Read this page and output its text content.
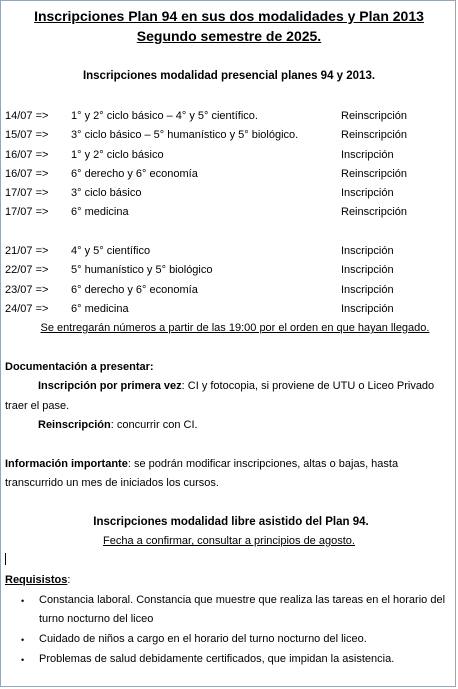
Inscripciones Plan 94 en sus dos modalidades y Plan 2013
Segundo semestre de 2025.
Inscripciones modalidad presencial planes 94 y 2013.
14/07 => 1° y 2° ciclo básico – 4° y 5° científico.	Reinscripción
15/07 => 3° ciclo básico – 5° humanístico y 5° biológico.	Reinscripción
16/07 => 1° y 2° ciclo básico	Inscripción
16/07 => 6° derecho y 6° economía	Reinscripción
17/07 => 3° ciclo básico	Inscripción
17/07 => 6° medicina	Reinscripción
21/07 => 4° y 5° científico	Inscripción
22/07 => 5° humanístico y 5° biológico	Inscripción
23/07 => 6° derecho y 6° economía	Inscripción
24/07 => 6° medicina	Inscripción
Se entregarán números a partir de las 19:00 por el orden en que hayan llegado.
Documentación a presentar:
Inscripción por primera vez: CI y fotocopia, si proviene de UTU o Liceo Privado
traer el pase.
Reinscripción: concurrir con CI.
Información importante: se podrán modificar inscripciones, altas o bajas, hasta
transcurrido un mes de iniciados los cursos.
Inscripciones modalidad libre asistido del Plan 94.
Fecha a confirmar, consultar a principios de agosto.
Requisistos:
• Constancia laboral. Constancia que muestre que realiza las tareas en el horario del
turno nocturno del liceo
• Cuidado de niños a cargo en el horario del turno nocturno del liceo.
• Problemas de salud debidamente certificados, que impidan la asistencia.
